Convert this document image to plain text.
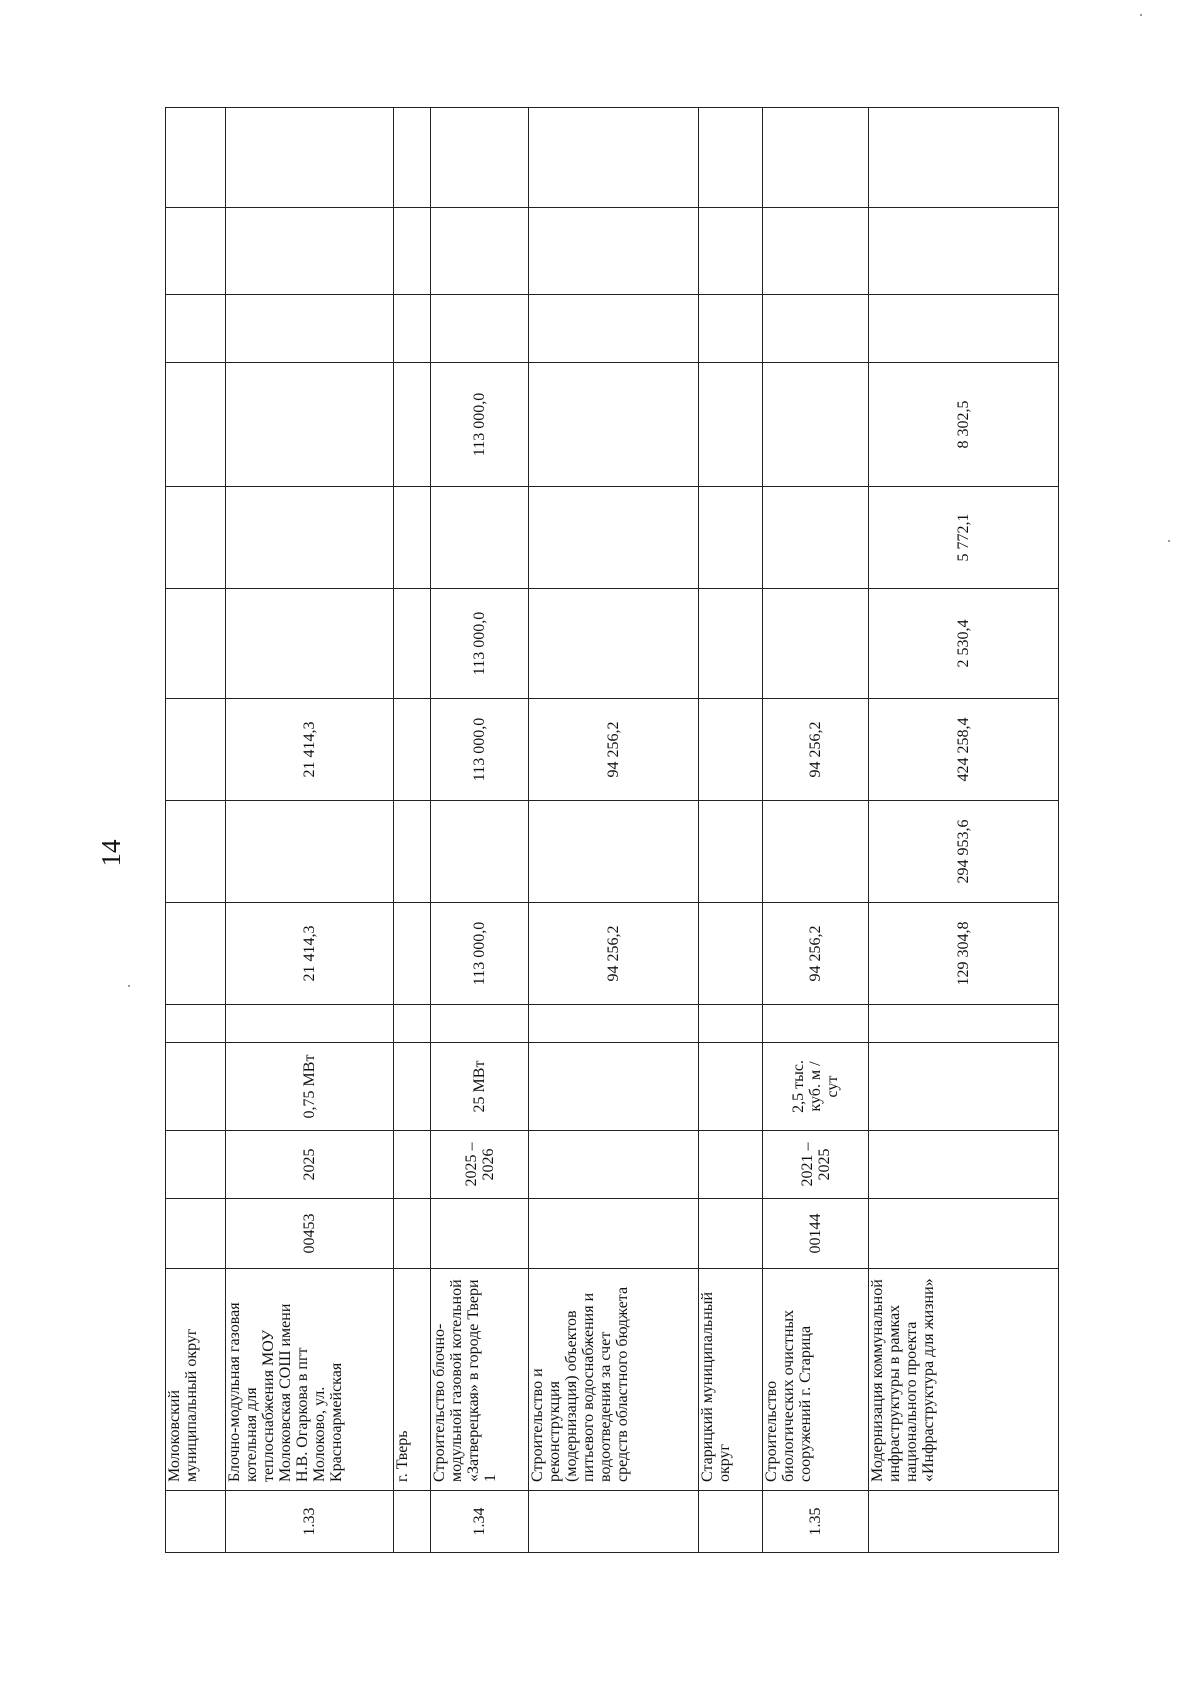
14
	Молоковский муниципальный округ													
1.33	Блочно-модульная газовая котельная для теплоснабжения МОУ Молоковская СОШ имени Н.В. Огаркова в пгт Молоково, ул. Красноармейская	00453	2025	0,75 МВт		21 414,3		21 414,3						
	г. Тверь													
1.34	Строительство блочно-модульной газовой котельной «Затверецкая» в городе Твери 1		2025 – 2026	25 МВт		113 000,0		113 000,0	113 000,0		113 000,0			
	Строительство и реконструкция (модернизация) объектов питьевого водоснабжения и водоотведения за счет средств областного бюджета					94 256,2		94 256,2						
	Старицкий муниципальный округ													
1.35	Строительство биологических очистных сооружений г. Старица	00144	2021 – 2025	2,5 тыс. куб. м / сут		94 256,2		94 256,2						
	Модернизация коммунальной инфраструктуры в рамках национального проекта «Инфраструктура для жизни»					129 304,8	294 953,6	424 258,4	2 530,4	5 772,1	8 302,5			
